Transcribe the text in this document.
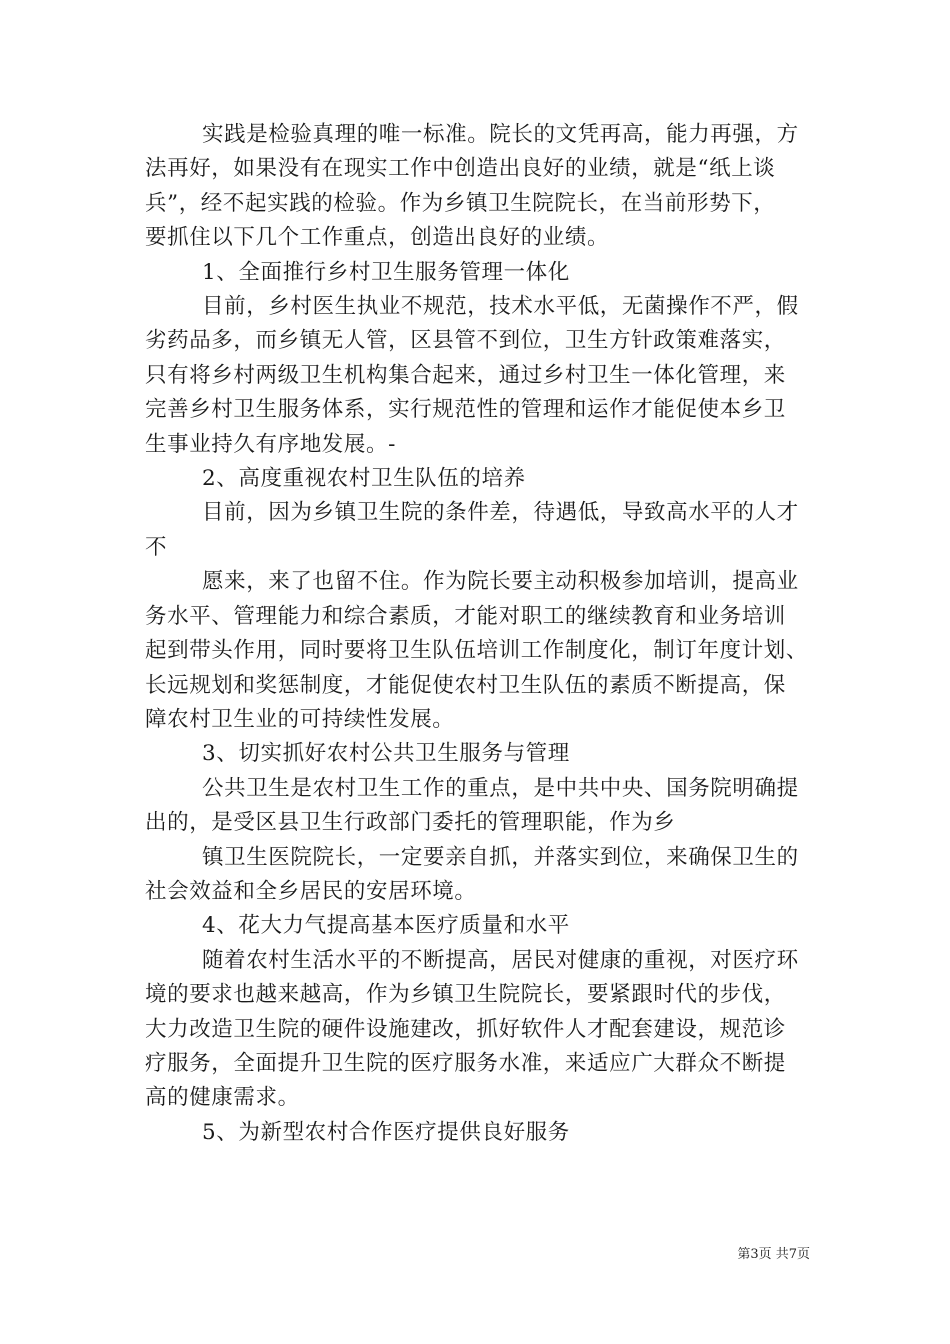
实践是检验真理的唯一标准。院长的文凭再高，能力再强，方
法再好，如果没有在现实工作中创造出良好的业绩，就是“纸上谈
兵”，经不起实践的检验。作为乡镇卫生院院长，在当前形势下，
要抓住以下几个工作重点，创造出良好的业绩。
1、全面推行乡村卫生服务管理一体化
目前，乡村医生执业不规范，技术水平低，无菌操作不严，假
劣药品多，而乡镇无人管，区县管不到位，卫生方针政策难落实，
只有将乡村两级卫生机构集合起来，通过乡村卫生一体化管理，来
完善乡村卫生服务体系，实行规范性的管理和运作才能促使本乡卫
生事业持久有序地发展。-
2、高度重视农村卫生队伍的培养
目前，因为乡镇卫生院的条件差，待遇低，导致高水平的人才
不
愿来，来了也留不住。作为院长要主动积极参加培训，提高业
务水平、管理能力和综合素质，才能对职工的继续教育和业务培训
起到带头作用，同时要将卫生队伍培训工作制度化，制订年度计划、
长远规划和奖惩制度，才能促使农村卫生队伍的素质不断提高，保
障农村卫生业的可持续性发展。
3、切实抓好农村公共卫生服务与管理
公共卫生是农村卫生工作的重点，是中共中央、国务院明确提
出的，是受区县卫生行政部门委托的管理职能，作为乡
镇卫生医院院长，一定要亲自抓，并落实到位，来确保卫生的
社会效益和全乡居民的安居环境。
4、花大力气提高基本医疗质量和水平
随着农村生活水平的不断提高，居民对健康的重视，对医疗环
境的要求也越来越高，作为乡镇卫生院院长，要紧跟时代的步伐，
大力改造卫生院的硬件设施建改，抓好软件人才配套建设，规范诊
疗服务，全面提升卫生院的医疗服务水准，来适应广大群众不断提
高的健康需求。
5、为新型农村合作医疗提供良好服务
第3页 共7页
